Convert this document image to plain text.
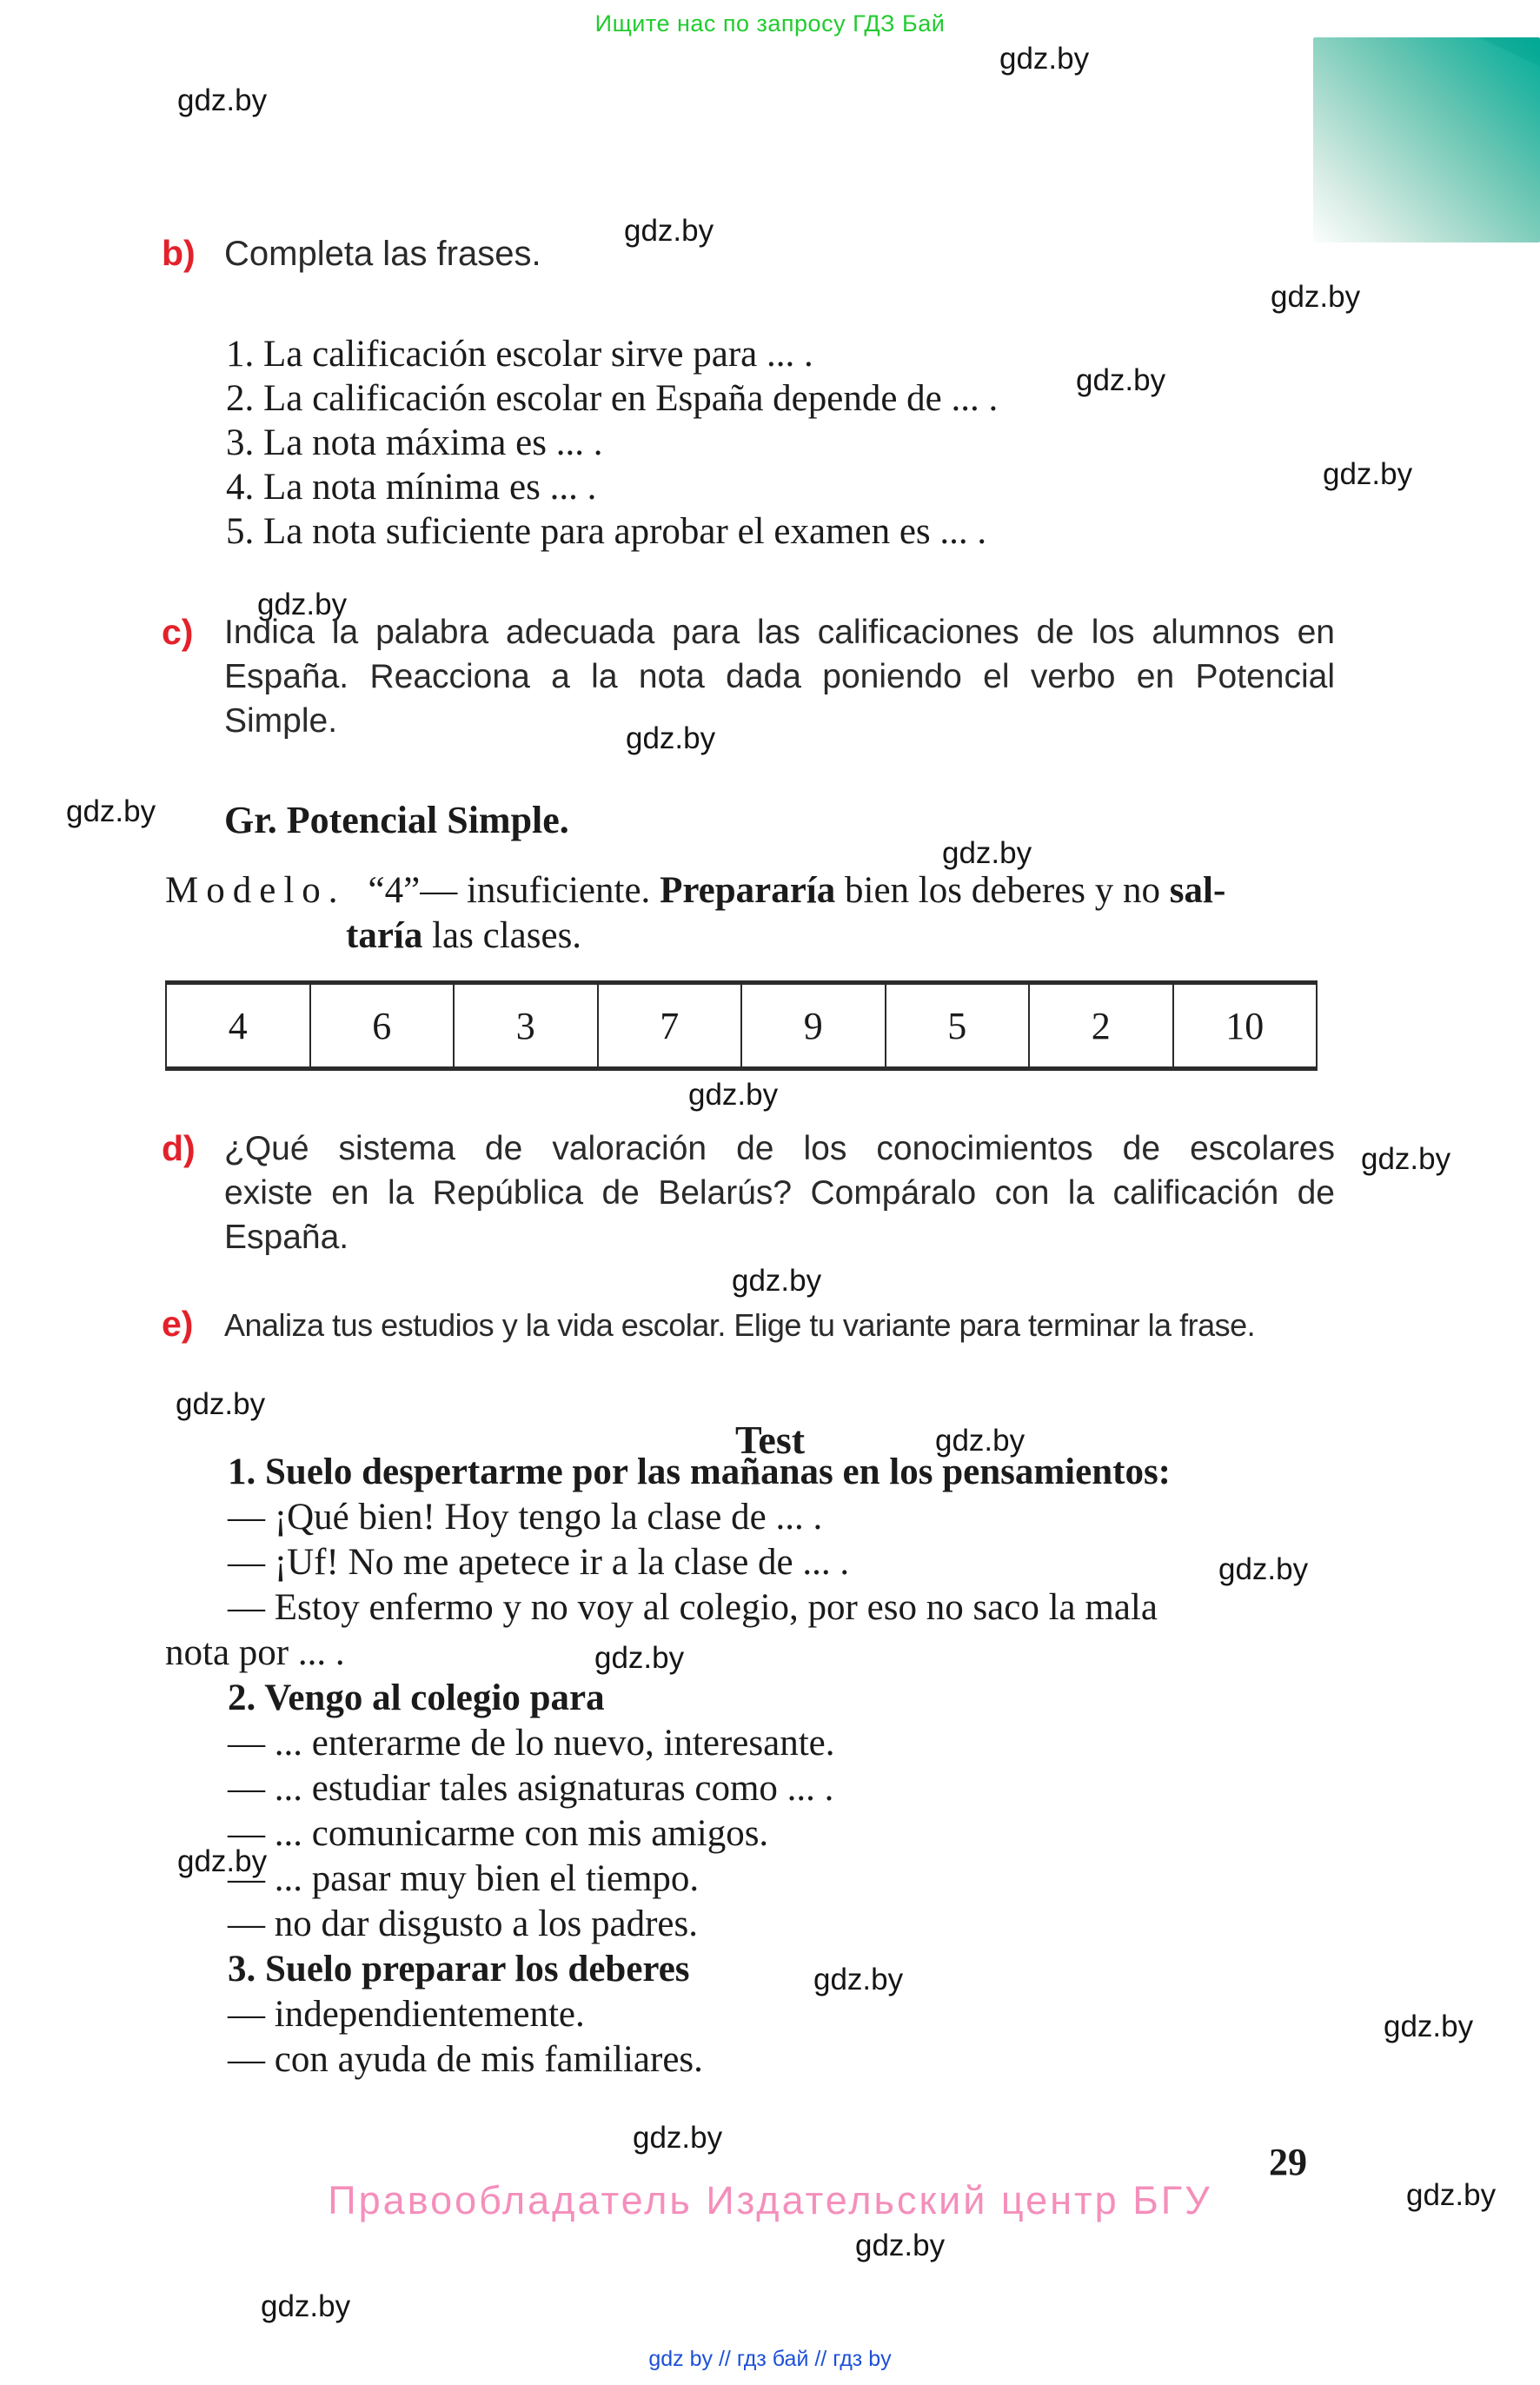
Ищите нас по запросу ГДЗ Бай
gdz.by
gdz.by
gdz.by
gdz.by
gdz.by
gdz.by
gdz.by
gdz.by
gdz.by
gdz.by
gdz.by
gdz.by
gdz.by
gdz.by
gdz.by
gdz.by
gdz.by
gdz.by
gdz.by
gdz.by
gdz.by
gdz.by
gdz.by
gdz.by
b) Completa las frases.
1. La calificación escolar sirve para ... .
2. La calificación escolar en España depende de ... .
3. La nota máxima es ... .
4. La nota mínima es ... .
5. La nota suficiente para aprobar el examen es ... .
c) Indica la palabra adecuada para las calificaciones de los alumnos en
España. Reacciona a la nota dada poniendo el verbo en Potencial
Simple.
Gr. Potencial Simple.
Modelo. “4”— insuficiente. Prepararía bien los deberes y no sal-
taría las clases.
4	6	3	7	9	5	2	10
d) ¿Qué sistema de valoración de los conocimientos de escolares
existe en la República de Belarús? Compáralo con la calificación de
España.
e) Analiza tus estudios y la vida escolar. Elige tu variante para terminar la frase.
Test
1. Suelo despertarme por las mañanas en los pensamientos:
— ¡Qué bien! Hoy tengo la clase de ... .
— ¡Uf! No me apetece ir a la clase de ... .
— Estoy enfermo y no voy al colegio, por eso no saco la mala
nota por ... .
2. Vengo al colegio para
— ... enterarme de lo nuevo, interesante.
— ... estudiar tales asignaturas como ... .
— ... comunicarme con mis amigos.
— ... pasar muy bien el tiempo.
— no dar disgusto a los padres.
3. Suelo preparar los deberes
— independientemente.
— con ayuda de mis familiares.
29
Правообладатель Издательский центр БГУ
gdz by // гдз бай // гдз by
